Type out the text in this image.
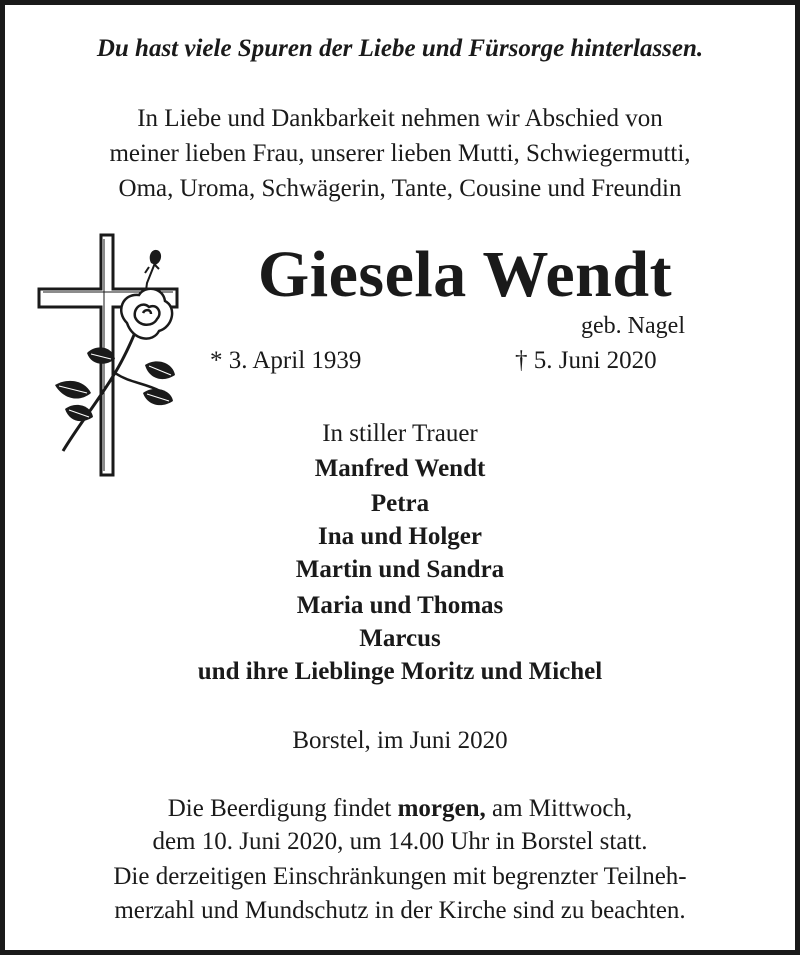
Du hast viele Spuren der Liebe und Fürsorge hinterlassen.
In Liebe und Dankbarkeit nehmen wir Abschied von
meiner lieben Frau, unserer lieben Mutti, Schwiegermutti,
Oma, Uroma, Schwägerin, Tante, Cousine und Freundin
Giesela Wendt
geb. Nagel
* 3. April 1939	† 5. Juni 2020
In stiller Trauer
Manfred Wendt
Petra
Ina und Holger
Martin und Sandra
Maria und Thomas
Marcus
und ihre Lieblinge Moritz und Michel
Borstel, im Juni 2020
Die Beerdigung findet morgen, am Mittwoch,
dem 10. Juni 2020, um 14.00 Uhr in Borstel statt.
Die derzeitigen Einschränkungen mit begrenzter Teilneh-
merzahl und Mundschutz in der Kirche sind zu beachten.
